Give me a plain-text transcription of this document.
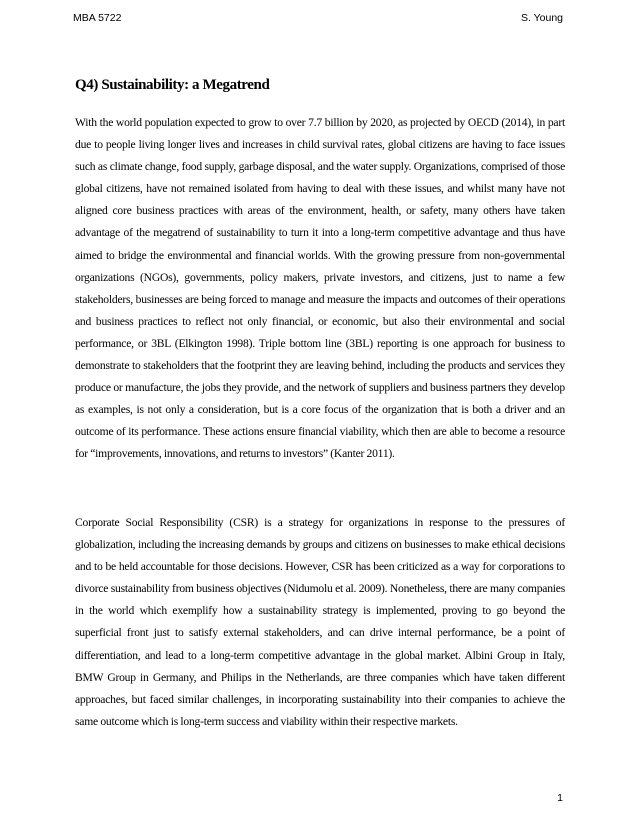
MBA 5722	S. Young
Q4) Sustainability: a Megatrend

With the world population expected to grow to over 7.7 billion by 2020, as projected by OECD (2014), in part due to people living longer lives and increases in child survival rates, global citizens are having to face issues such as climate change, food supply, garbage disposal, and the water supply. Organizations, comprised of those global citizens, have not remained isolated from having to deal with these issues, and whilst many have not aligned core business practices with areas of the environment, health, or safety, many others have taken advantage of the megatrend of sustainability to turn it into a long-term competitive advantage and thus have aimed to bridge the environmental and financial worlds. With the growing pressure from non-governmental organizations (NGOs), governments, policy makers, private investors, and citizens, just to name a few stakeholders, businesses are being forced to manage and measure the impacts and outcomes of their operations and business practices to reflect not only financial, or economic, but also their environmental and social performance, or 3BL (Elkington 1998). Triple bottom line (3BL) reporting is one approach for business to demonstrate to stakeholders that the footprint they are leaving behind, including the products and services they produce or manufacture, the jobs they provide, and the network of suppliers and business partners they develop as examples, is not only a consideration, but is a core focus of the organization that is both a driver and an outcome of its performance. These actions ensure financial viability, which then are able to become a resource for “improvements, innovations, and returns to investors” (Kanter 2011).

Corporate Social Responsibility (CSR) is a strategy for organizations in response to the pressures of globalization, including the increasing demands by groups and citizens on businesses to make ethical decisions and to be held accountable for those decisions. However, CSR has been criticized as a way for corporations to divorce sustainability from business objectives (Nidumolu et al. 2009). Nonetheless, there are many companies in the world which exemplify how a sustainability strategy is implemented, proving to go beyond the superficial front just to satisfy external stakeholders, and can drive internal performance, be a point of differentiation, and lead to a long-term competitive advantage in the global market. Albini Group in Italy, BMW Group in Germany, and Philips in the Netherlands, are three companies which have taken different approaches, but faced similar challenges, in incorporating sustainability into their companies to achieve the same outcome which is long-term success and viability within their respective markets.

1
